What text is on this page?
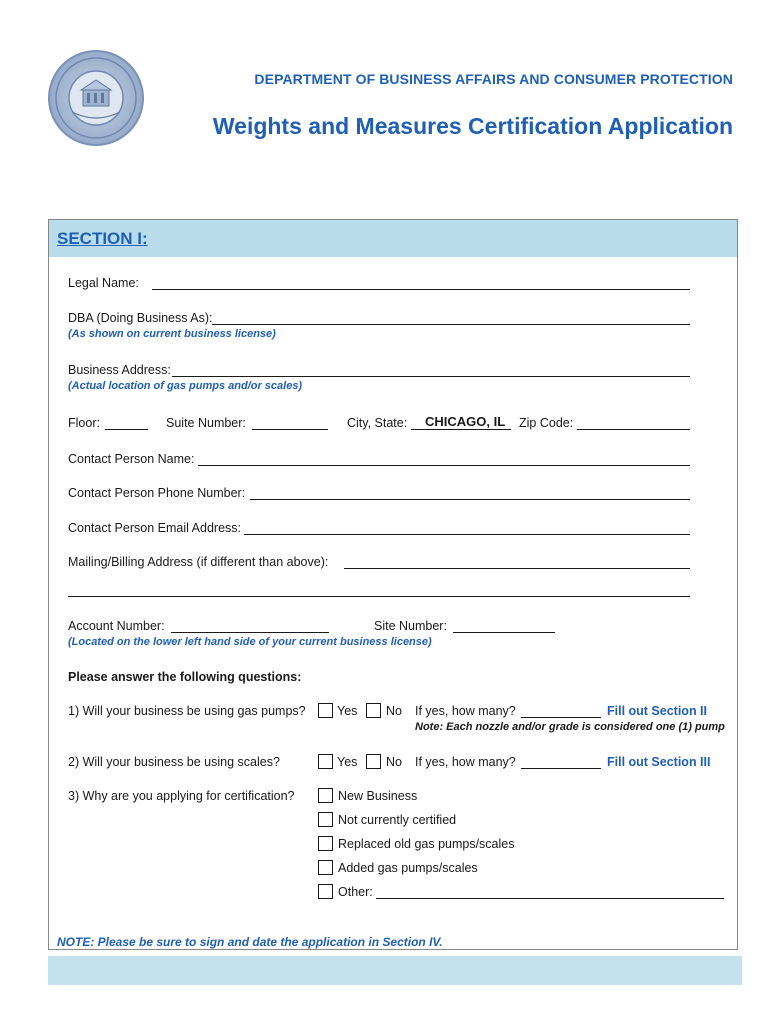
DEPARTMENT OF BUSINESS AFFAIRS AND CONSUMER PROTECTION
Weights and Measures Certification Application
SECTION I:
Legal Name:
DBA (Doing Business As):
(As shown on current business license)
Business Address:
(Actual location of gas pumps and/or scales)
Floor:	Suite Number:	City, State: CHICAGO, IL Zip Code:
Contact Person Name:
Contact Person Phone Number:
Contact Person Email Address:
Mailing/Billing Address (if different than above):
Account Number:	Site Number:
(Located on the lower left hand side of your current business license)
Please answer the following questions:
1) Will your business be using gas pumps?	Yes No If yes, how many?	Fill out Section II
Note: Each nozzle and/or grade is considered one (1) pump
2) Will your business be using scales?	Yes No If yes, how many?	Fill out Section III
3) Why are you applying for certification?	New Business
Not currently certified
Replaced old gas pumps/scales
Added gas pumps/scales
Other:
NOTE: Please be sure to sign and date the application in Section IV.
